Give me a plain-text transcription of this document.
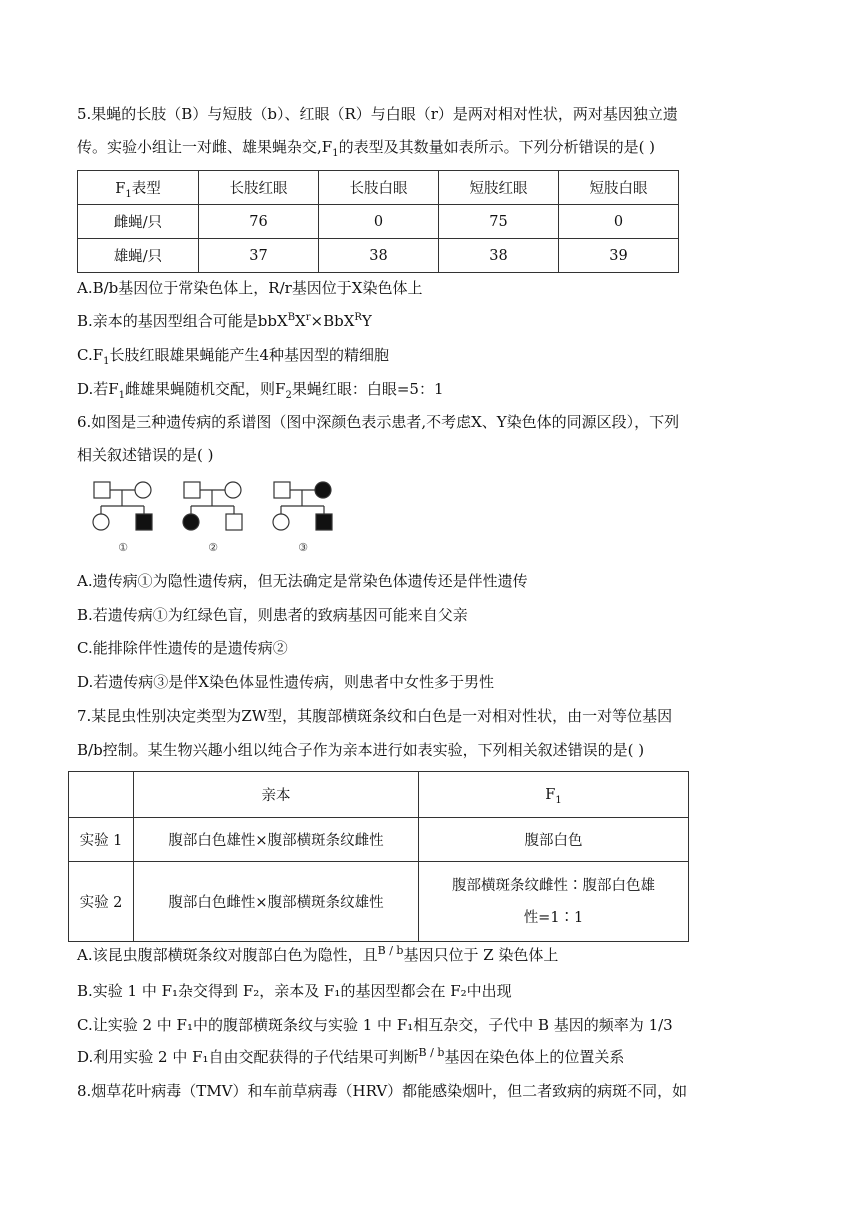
5.果蝇的长肢（B）与短肢（b）、红眼（R）与白眼（r）是两对相对性状，两对基因独立遗
传。实验小组让一对雌、雄果蝇杂交$,F_1$的表型及其数量如表所示。下列分析错误的是( )
$F_1$表型	长肢红眼	长肢白眼	短肢红眼	短肢白眼
雌蝇/只	76	0	75	0
雄蝇/只	37	38	38	39
A.B/b基因位于常染色体上，R/r基因位于X染色体上
B.亲本的基因型组合可能是$bbX^BX^r\times BbX^RY$
$C.F_1$长肢红眼雄果蝇能产生4种基因型的精细胞
D.若$F_1$雌雄果蝇随机交配，则$F_2$果蝇红眼：白眼=5：1
6.如图是三种遗传病的系谱图（图中深颜色表示患者,不考虑X、Y染色体的同源区段），下列
相关叙述错误的是( )
①	②	③
A.遗传病①为隐性遗传病，但无法确定是常染色体遗传还是伴性遗传
B.若遗传病①为红绿色盲，则患者的致病基因可能来自父亲
C.能排除伴性遗传的是遗传病②
D.若遗传病③是伴X染色体显性遗传病，则患者中女性多于男性
7.某昆虫性别决定类型为ZW型，其腹部横斑条纹和白色是一对相对性状，由一对等位基因
B/b控制。某生物兴趣小组以纯合子作为亲本进行如表实验，下列相关叙述错误的是( )
	亲本	$F_1$
实验 1	腹部白色雄性×腹部横斑条纹雌性	腹部白色
实验 2	腹部白色雌性×腹部横斑条纹雄性	腹部横斑条纹雌性∶腹部白色雄
性=1∶1
A.该昆虫腹部横斑条纹对腹部白色为隐性，且$^{B / b}$基因只位于 Z 染色体上
B.实验 1 中 F₁杂交得到 F₂，亲本及 F₁的基因型都会在 F₂中出现
C.让实验 2 中 F₁中的腹部横斑条纹与实验 1 中 F₁相互杂交，子代中 B 基因的频率为 1/3
D.利用实验 2 中 F₁自由交配获得的子代结果可判断$^{B / b}$基因在染色体上的位置关系
8.烟草花叶病毒（TMV）和车前草病毒（HRV）都能感染烟叶，但二者致病的病斑不同，如
